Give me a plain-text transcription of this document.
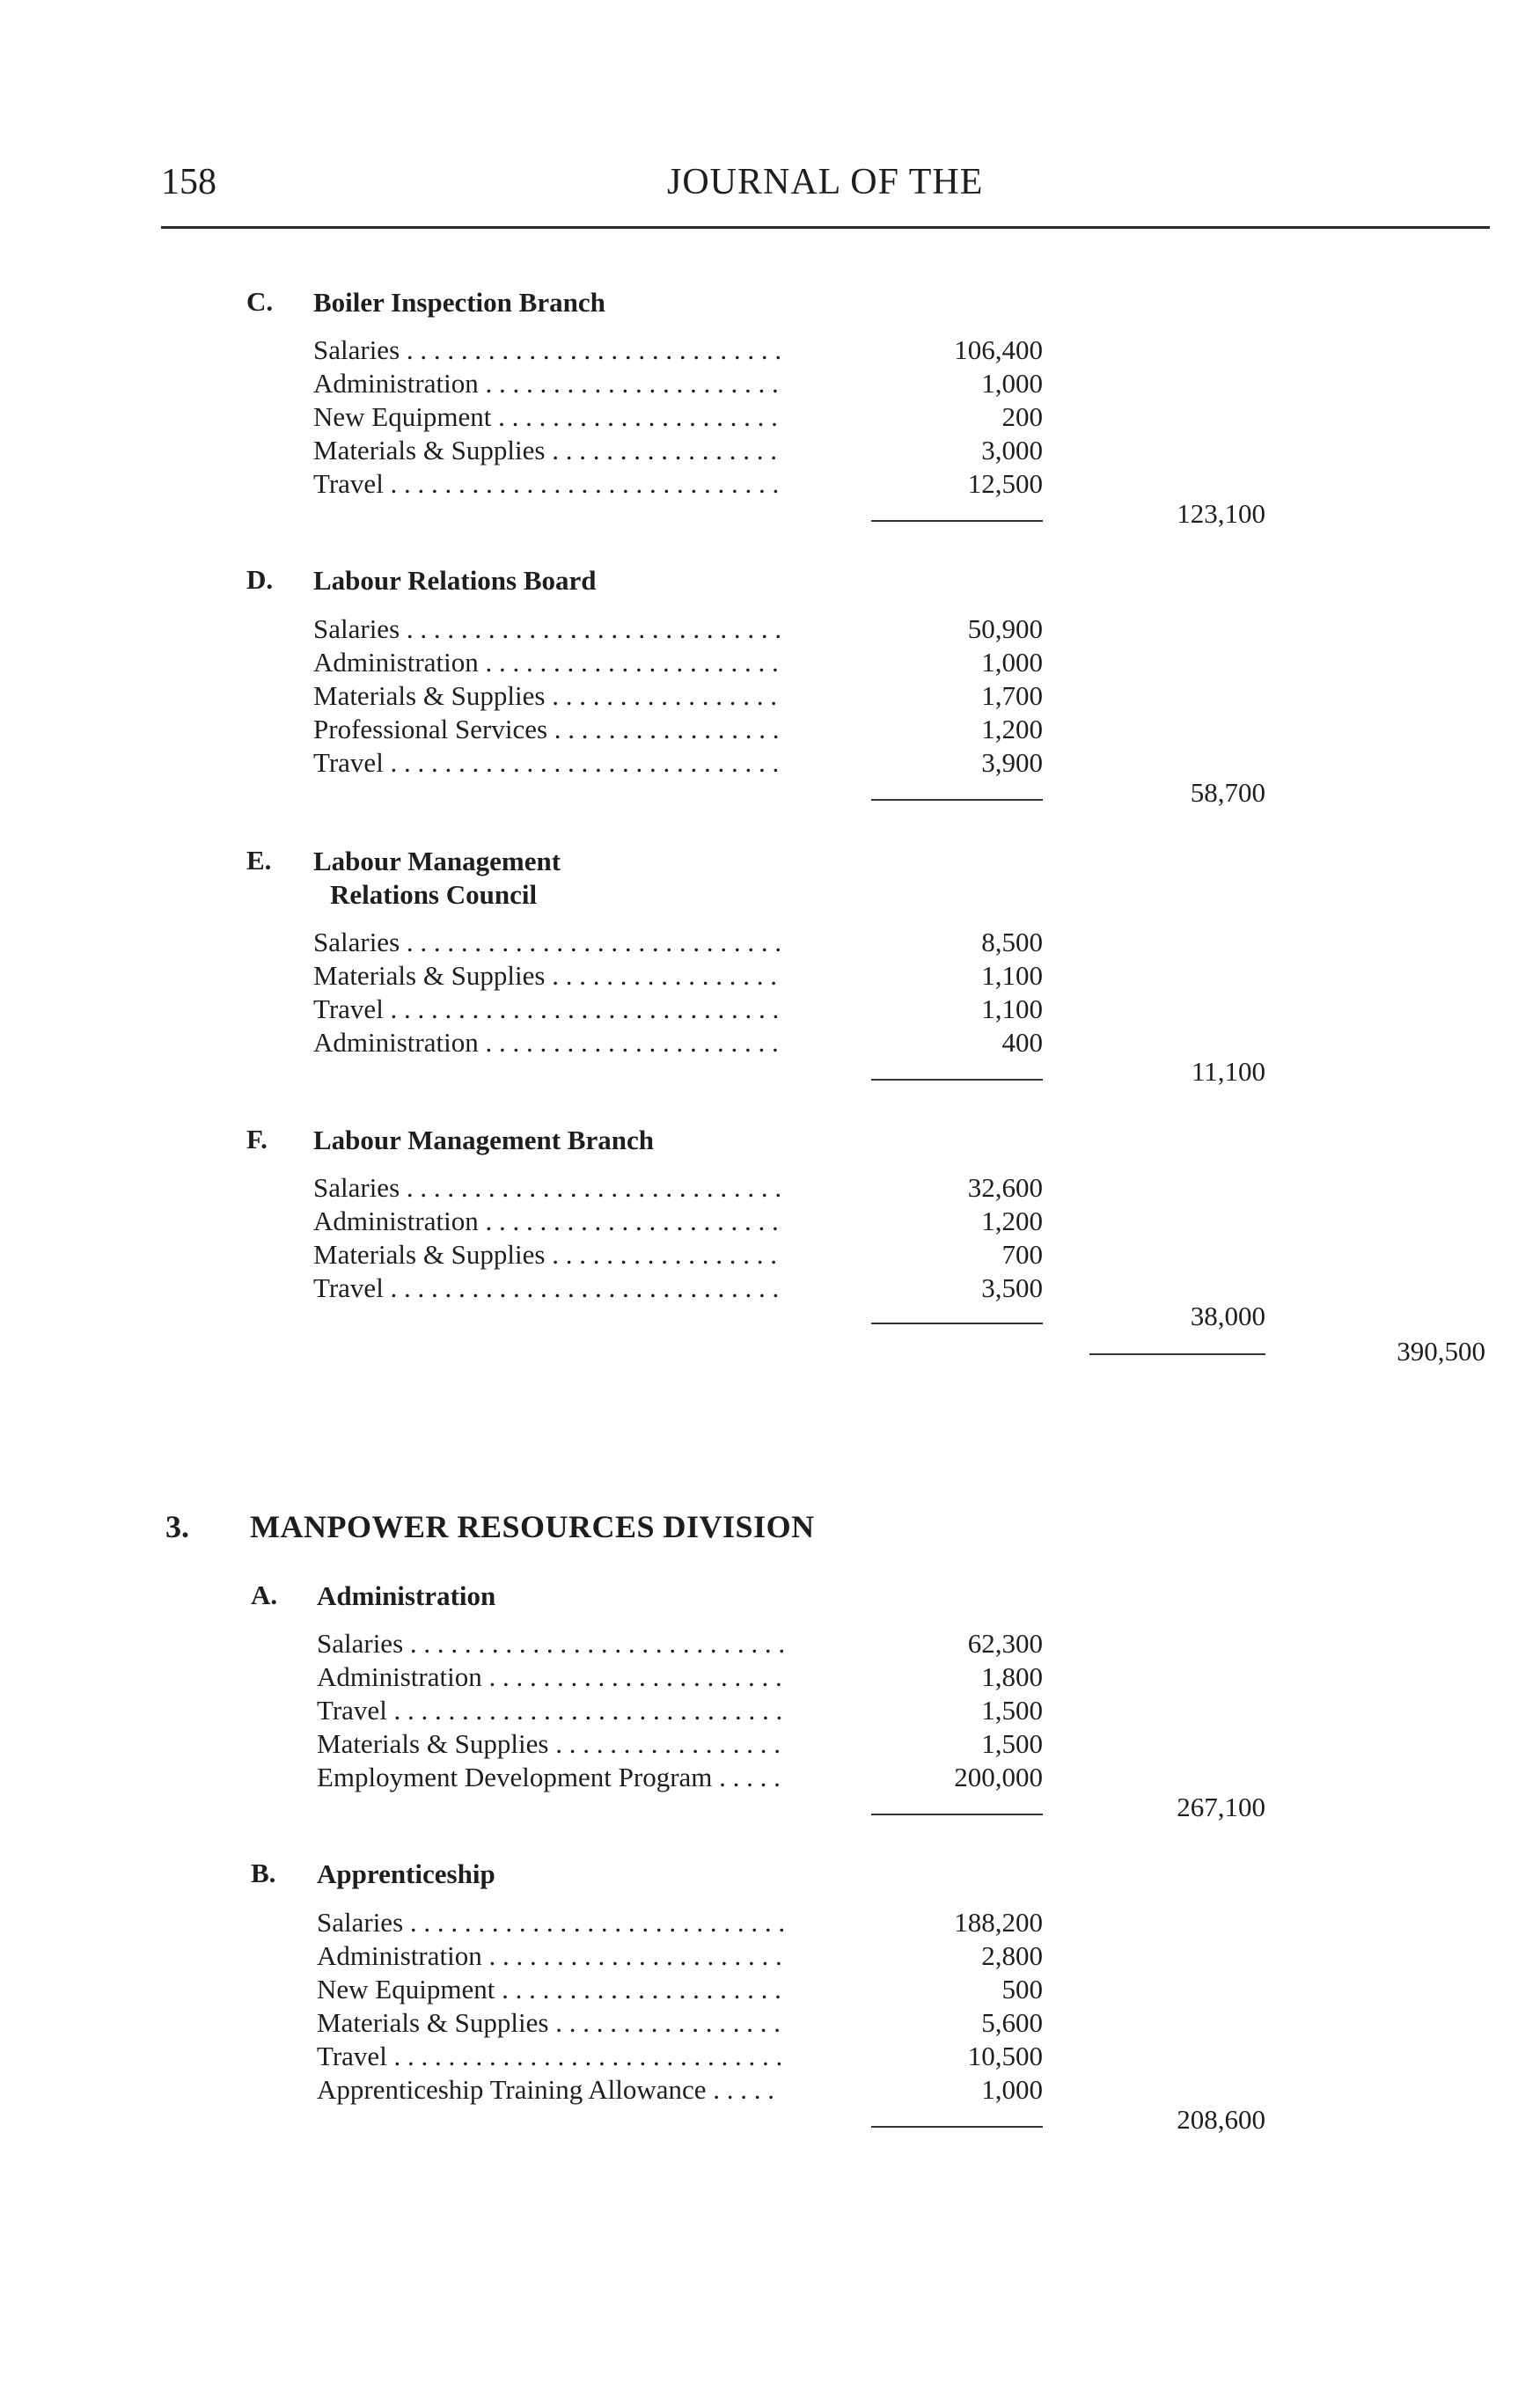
158	JOURNAL OF THE
C. Boiler Inspection Branch
Salaries . . . . . . . . . . . . . . . . . . . . . . . . . . . .	106,400
Administration . . . . . . . . . . . . . . . . . . . . . .	1,000
New Equipment . . . . . . . . . . . . . . . . . . . . .	200
Materials & Supplies . . . . . . . . . . . . . . . . .	3,000
Travel . . . . . . . . . . . . . . . . . . . . . . . . . . . . .	12,500
123,100
D. Labour Relations Board
Salaries . . . . . . . . . . . . . . . . . . . . . . . . . . . .	50,900
Administration . . . . . . . . . . . . . . . . . . . . . .	1,000
Materials & Supplies . . . . . . . . . . . . . . . . .	1,700
Professional Services . . . . . . . . . . . . . . . . .	1,200
Travel . . . . . . . . . . . . . . . . . . . . . . . . . . . . .	3,900
58,700
E. Labour Management
Relations Council
Salaries . . . . . . . . . . . . . . . . . . . . . . . . . . . .	8,500
Materials & Supplies . . . . . . . . . . . . . . . . .	1,100
Travel . . . . . . . . . . . . . . . . . . . . . . . . . . . . .	1,100
Administration . . . . . . . . . . . . . . . . . . . . . .	400
11,100
F. Labour Management Branch
Salaries . . . . . . . . . . . . . . . . . . . . . . . . . . . .	32,600
Administration . . . . . . . . . . . . . . . . . . . . . .	1,200
Materials & Supplies . . . . . . . . . . . . . . . . .	700
Travel . . . . . . . . . . . . . . . . . . . . . . . . . . . . .	3,500
38,000
390,500
3. MANPOWER RESOURCES DIVISION
A. Administration
Salaries . . . . . . . . . . . . . . . . . . . . . . . . . . . .	62,300
Administration . . . . . . . . . . . . . . . . . . . . . .	1,800
Travel . . . . . . . . . . . . . . . . . . . . . . . . . . . . .	1,500
Materials & Supplies . . . . . . . . . . . . . . . . .	1,500
Employment Development Program . . . . .	200,000
267,100
B. Apprenticeship
Salaries . . . . . . . . . . . . . . . . . . . . . . . . . . . .	188,200
Administration . . . . . . . . . . . . . . . . . . . . . .	2,800
New Equipment . . . . . . . . . . . . . . . . . . . . .	500
Materials & Supplies . . . . . . . . . . . . . . . . .	5,600
Travel . . . . . . . . . . . . . . . . . . . . . . . . . . . . .	10,500
Apprenticeship Training Allowance . . . . .	1,000
208,600
